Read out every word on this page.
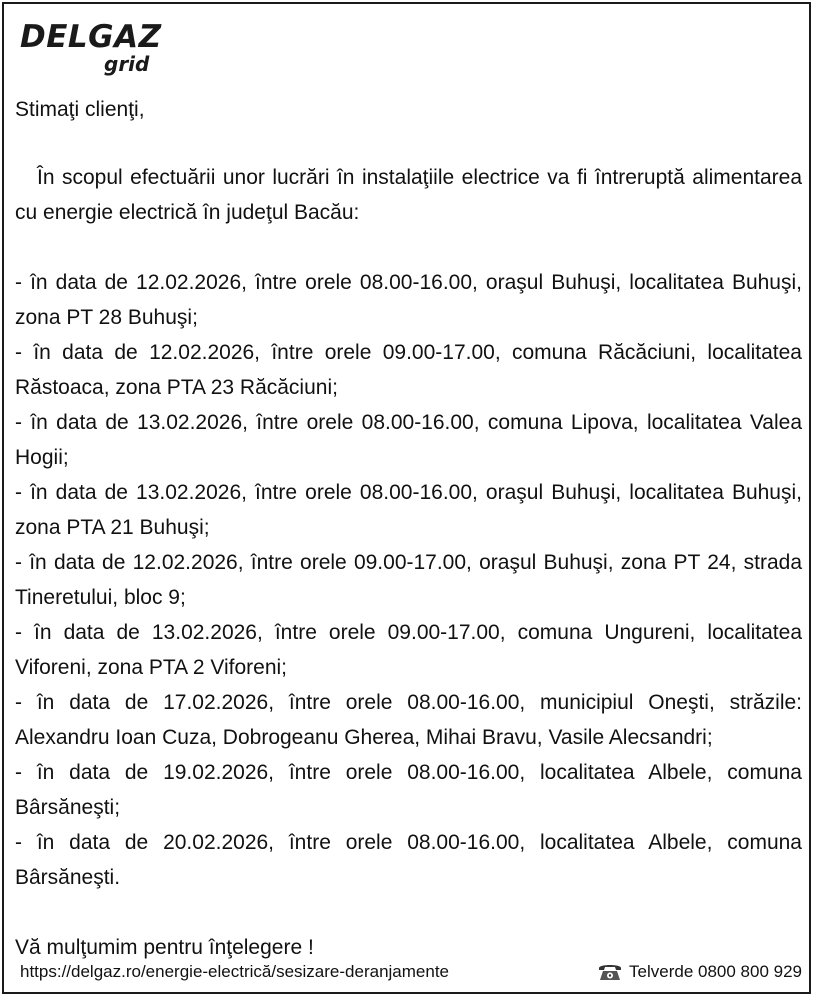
DELGAZ
grid

Stimaţi clienţi,

În scopul efectuării unor lucrări în instalaţiile electrice va fi întreruptă alimentarea cu energie electrică în judeţul Bacău:

- în data de 12.02.2026, între orele 08.00-16.00, oraşul Buhuşi, localitatea Buhuşi, zona PT 28 Buhuşi;
- în data de 12.02.2026, între orele 09.00-17.00, comuna Răcăciuni, localitatea Răstoaca, zona PTA 23 Răcăciuni;
- în data de 13.02.2026, între orele 08.00-16.00, comuna Lipova, localitatea Valea Hogii;
- în data de 13.02.2026, între orele 08.00-16.00, oraşul Buhuşi, localitatea Buhuşi, zona PTA 21 Buhuşi;
- în data de 12.02.2026, între orele 09.00-17.00, oraşul Buhuşi, zona PT 24, strada Tineretului, bloc 9;
- în data de 13.02.2026, între orele 09.00-17.00, comuna Ungureni, localitatea Viforeni, zona PTA 2 Viforeni;
- în data de 17.02.2026, între orele 08.00-16.00, municipiul Oneşti, străzile: Alexandru Ioan Cuza, Dobrogeanu Gherea, Mihai Bravu, Vasile Alecsandri;
- în data de 19.02.2026, între orele 08.00-16.00, localitatea Albele, comuna Bârsăneşti;
- în data de 20.02.2026, între orele 08.00-16.00, localitatea Albele, comuna Bârsăneşti.

Vă mulţumim pentru înţelegere !

https://delgaz.ro/energie-electrică/sesizare-deranjamente	Telverde 0800 800 929
